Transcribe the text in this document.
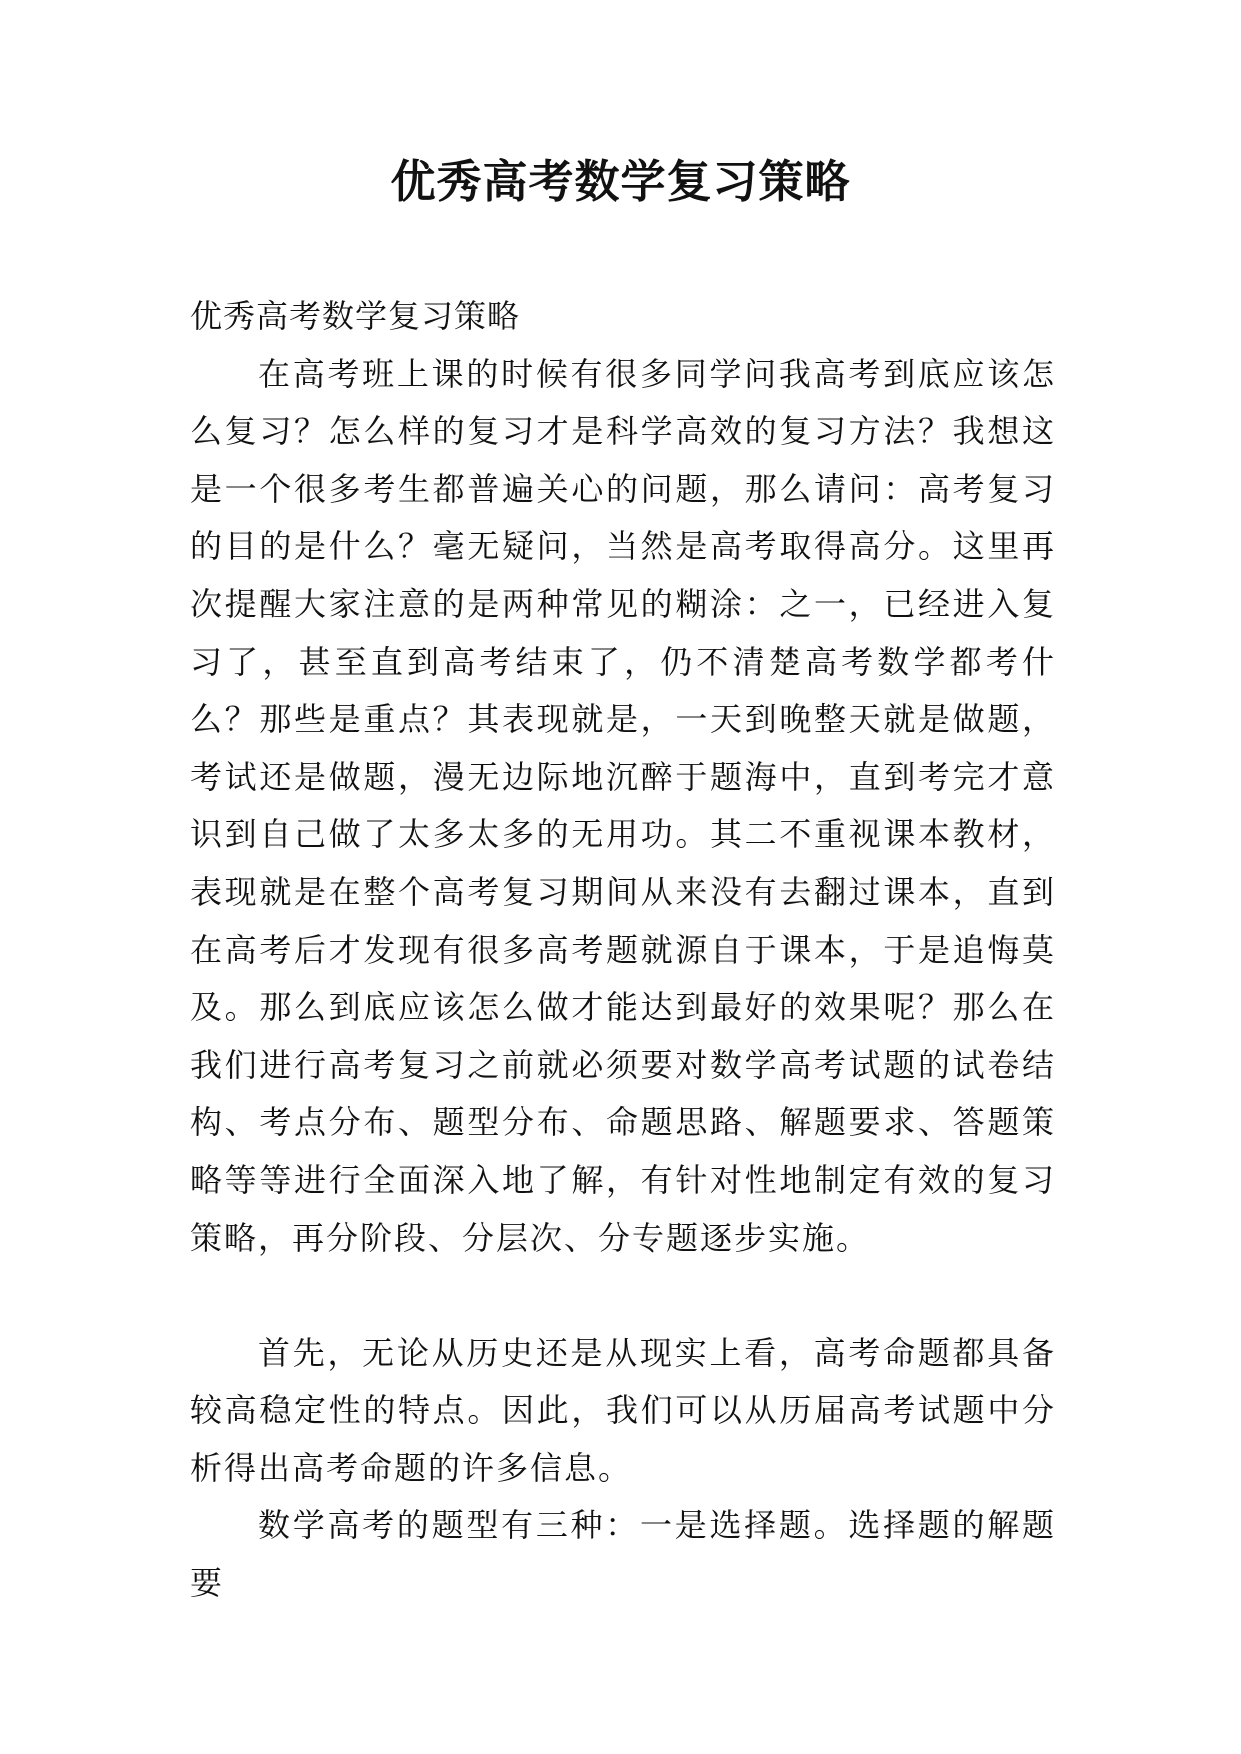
优秀高考数学复习策略

优秀高考数学复习策略

在高考班上课的时候有很多同学问我高考到底应该怎么复习？怎么样的复习才是科学高效的复习方法？我想这是一个很多考生都普遍关心的问题，那么请问：高考复习的目的是什么？毫无疑问，当然是高考取得高分。这里再次提醒大家注意的是两种常见的糊涂：之一，已经进入复习了，甚至直到高考结束了，仍不清楚高考数学都考什么？那些是重点？其表现就是，一天到晚整天就是做题，考试还是做题，漫无边际地沉醉于题海中，直到考完才意识到自己做了太多太多的无用功。其二不重视课本教材，表现就是在整个高考复习期间从来没有去翻过课本，直到在高考后才发现有很多高考题就源自于课本，于是追悔莫及。那么到底应该怎么做才能达到最好的效果呢？那么在我们进行高考复习之前就必须要对数学高考试题的试卷结构、考点分布、题型分布、命题思路、解题要求、答题策略等等进行全面深入地了解，有针对性地制定有效的复习策略，再分阶段、分层次、分专题逐步实施。

首先，无论从历史还是从现实上看，高考命题都具备较高稳定性的特点。因此，我们可以从历届高考试题中分析得出高考命题的许多信息。

数学高考的题型有三种：一是选择题。选择题的解题要
